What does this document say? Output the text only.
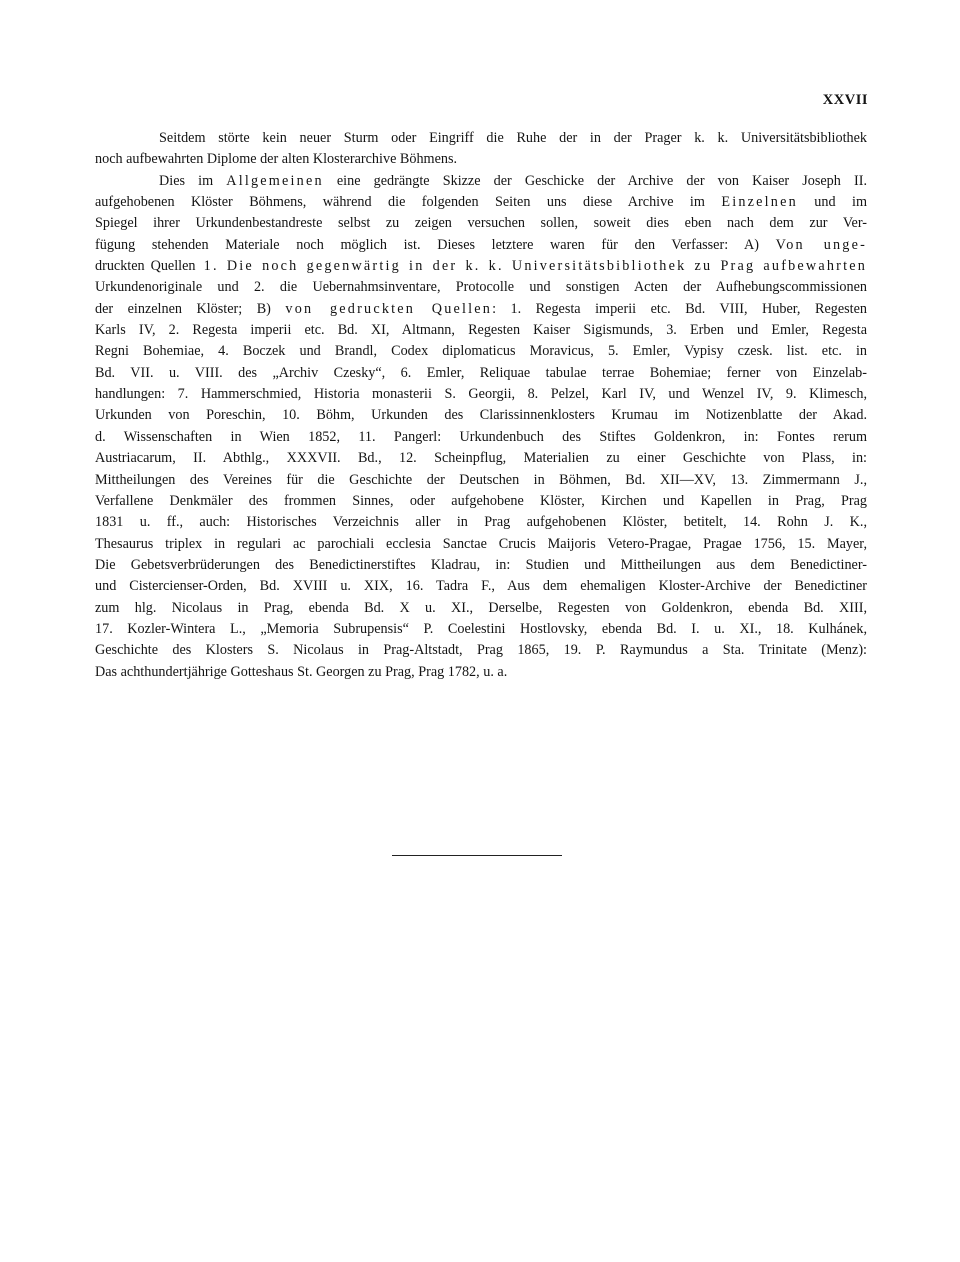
XXVII
Seitdem störte kein neuer Sturm oder Eingriff die Ruhe der in der Prager k. k. Universitätsbibliothek
noch aufbewahrten Diplome der alten Klosterarchive Böhmens.
Dies im Allgemeinen eine gedrängte Skizze der Geschicke der Archive der von Kaiser Joseph II.
aufgehobenen Klöster Böhmens, während die folgenden Seiten uns diese Archive im Einzelnen und im
Spiegel ihrer Urkundenbestandreste selbst zu zeigen versuchen sollen, soweit dies eben nach dem zur Ver-
fügung stehenden Materiale noch möglich ist. Dieses letztere waren für den Verfasser: A) Von unge-
druckten Quellen 1. Die noch gegenwärtig in der k. k. Universitätsbibliothek zu Prag aufbewahrten
Urkundenoriginale und 2. die Uebernahmsinventare, Protocolle und sonstigen Acten der Aufhebungscommissionen
der einzelnen Klöster; B) von gedruckten Quellen: 1. Regesta imperii etc. Bd. VIII, Huber, Regesten
Karls IV, 2. Regesta imperii etc. Bd. XI, Altmann, Regesten Kaiser Sigismunds, 3. Erben und Emler, Regesta
Regni Bohemiae, 4. Boczek und Brandl, Codex diplomaticus Moravicus, 5. Emler, Vypisy czesk. list. etc. in
Bd. VII. u. VIII. des „Archiv Czesky“, 6. Emler, Reliquae tabulae terrae Bohemiae; ferner von Einzelab-
handlungen: 7. Hammerschmied, Historia monasterii S. Georgii, 8. Pelzel, Karl IV, und Wenzel IV, 9. Klimesch,
Urkunden von Poreschin, 10. Böhm, Urkunden des Clarissinnenklosters Krumau im Notizenblatte der Akad.
d. Wissenschaften in Wien 1852, 11. Pangerl: Urkundenbuch des Stiftes Goldenkron, in: Fontes rerum
Austriacarum, II. Abthlg., XXXVII. Bd., 12. Scheinpflug, Materialien zu einer Geschichte von Plass, in:
Mittheilungen des Vereines für die Geschichte der Deutschen in Böhmen, Bd. XII—XV, 13. Zimmermann J.,
Verfallene Denkmäler des frommen Sinnes, oder aufgehobene Klöster, Kirchen und Kapellen in Prag, Prag
1831 u. ff., auch: Historisches Verzeichnis aller in Prag aufgehobenen Klöster, betitelt, 14. Rohn J. K.,
Thesaurus triplex in regulari ac parochiali ecclesia Sanctae Crucis Maijoris Vetero-Pragae, Pragae 1756, 15. Mayer,
Die Gebetsverbrüderungen des Benedictinerstiftes Kladrau, in: Studien und Mittheilungen aus dem Benedictiner-
und Cistercienser-Orden, Bd. XVIII u. XIX, 16. Tadra F., Aus dem ehemaligen Kloster-Archive der Benedictiner
zum hlg. Nicolaus in Prag, ebenda Bd. X u. XI., Derselbe, Regesten von Goldenkron, ebenda Bd. XIII,
17. Kozler-Wintera L., „Memoria Subrupensis“ P. Coelestini Hostlovsky, ebenda Bd. I. u. XI., 18. Kulhánek,
Geschichte des Klosters S. Nicolaus in Prag-Altstadt, Prag 1865, 19. P. Raymundus a Sta. Trinitate (Menz):
Das achthundertjährige Gotteshaus St. Georgen zu Prag, Prag 1782, u. a.
